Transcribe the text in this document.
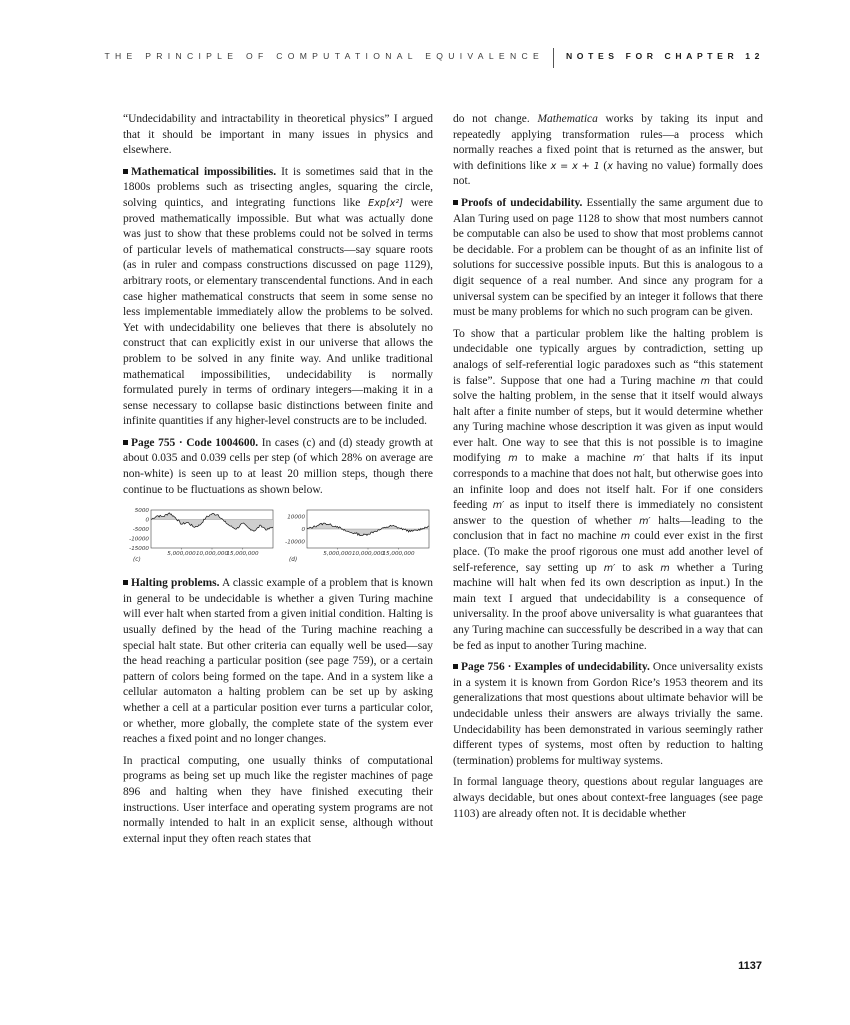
THE PRINCIPLE OF COMPUTATIONAL EQUIVALENCE	NOTES FOR CHAPTER 12

“Undecidability and intractability in theoretical physics” I argued that it should be important in many issues in physics and elsewhere.

Mathematical impossibilities. It is sometimes said that in the 1800s problems such as trisecting angles, squaring the circle, solving quintics, and integrating functions like Exp[x²] were proved mathematically impossible. But what was actually done was just to show that these problems could not be solved in terms of particular levels of mathematical constructs—say square roots (as in ruler and compass constructions discussed on page 1129), arbitrary roots, or elementary transcendental functions. And in each case higher mathematical constructs that seem in some sense no less implementable immediately allow the problems to be solved. Yet with undecidability one believes that there is absolutely no construct that can explicitly exist in our universe that allows the problem to be solved in any finite way. And unlike traditional mathematical impossibilities, undecidability is normally formulated purely in terms of ordinary integers—making it in a sense necessary to collapse basic distinctions between finite and infinite quantities if any higher-level constructs are to be included.

Page 755 · Code 1004600. In cases (c) and (d) steady growth at about 0.035 and 0.039 cells per step (of which 28% on average are non-white) is seen up to at least 20 million steps, though there continue to be fluctuations as shown below.

5000
0
-5000
-10000
-15000
5,000,000 10,000,000
15,000,000
(c)
10000
0
-10000
5,000,000 10,000,000
15,000,000
(d)

Halting problems. A classic example of a problem that is known in general to be undecidable is whether a given Turing machine will ever halt when started from a given initial condition. Halting is usually defined by the head of the Turing machine reaching a special halt state. But other criteria can equally well be used—say the head reaching a particular position (see page 759), or a certain pattern of colors being formed on the tape. And in a system like a cellular automaton a halting problem can be set up by asking whether a cell at a particular position ever turns a particular color, or whether, more globally, the complete state of the system ever reaches a fixed point and no longer changes.

In practical computing, one usually thinks of computational programs as being set up much like the register machines of page 896 and halting when they have finished executing their instructions. User interface and operating system programs are not normally intended to halt in an explicit sense, although without external input they often reach states that

do not change. Mathematica works by taking its input and repeatedly applying transformation rules—a process which normally reaches a fixed point that is returned as the answer, but with definitions like x = x + 1 (x having no value) formally does not.

Proofs of undecidability. Essentially the same argument due to Alan Turing used on page 1128 to show that most numbers cannot be computable can also be used to show that most problems cannot be decidable. For a problem can be thought of as an infinite list of solutions for successive possible inputs. But this is analogous to a digit sequence of a real number. And since any program for a universal system can be specified by an integer it follows that there must be many problems for which no such program can be given.

To show that a particular problem like the halting problem is undecidable one typically argues by contradiction, setting up analogs of self-referential logic paradoxes such as “this statement is false”. Suppose that one had a Turing machine m that could solve the halting problem, in the sense that it itself would always halt after a finite number of steps, but it would determine whether any Turing machine whose description it was given as input would ever halt. One way to see that this is not possible is to imagine modifying m to make a machine m′ that halts if its input corresponds to a machine that does not halt, but otherwise goes into an infinite loop and does not itself halt. For if one considers feeding m′ as input to itself there is immediately no consistent answer to the question of whether m′ halts—leading to the conclusion that in fact no machine m could ever exist in the first place. (To make the proof rigorous one must add another level of self-reference, say setting up m′ to ask m whether a Turing machine will halt when fed its own description as input.) In the main text I argued that undecidability is a consequence of universality. In the proof above universality is what guarantees that any Turing machine can successfully be described in a way that can be fed as input to another Turing machine.

Page 756 · Examples of undecidability. Once universality exists in a system it is known from Gordon Rice’s 1953 theorem and its generalizations that most questions about ultimate behavior will be undecidable unless their answers are always trivially the same. Undecidability has been demonstrated in various seemingly rather different types of systems, most often by reduction to halting (termination) problems for multiway systems.

In formal language theory, questions about regular languages are always decidable, but ones about context-free languages (see page 1103) are already often not. It is decidable whether

1137
